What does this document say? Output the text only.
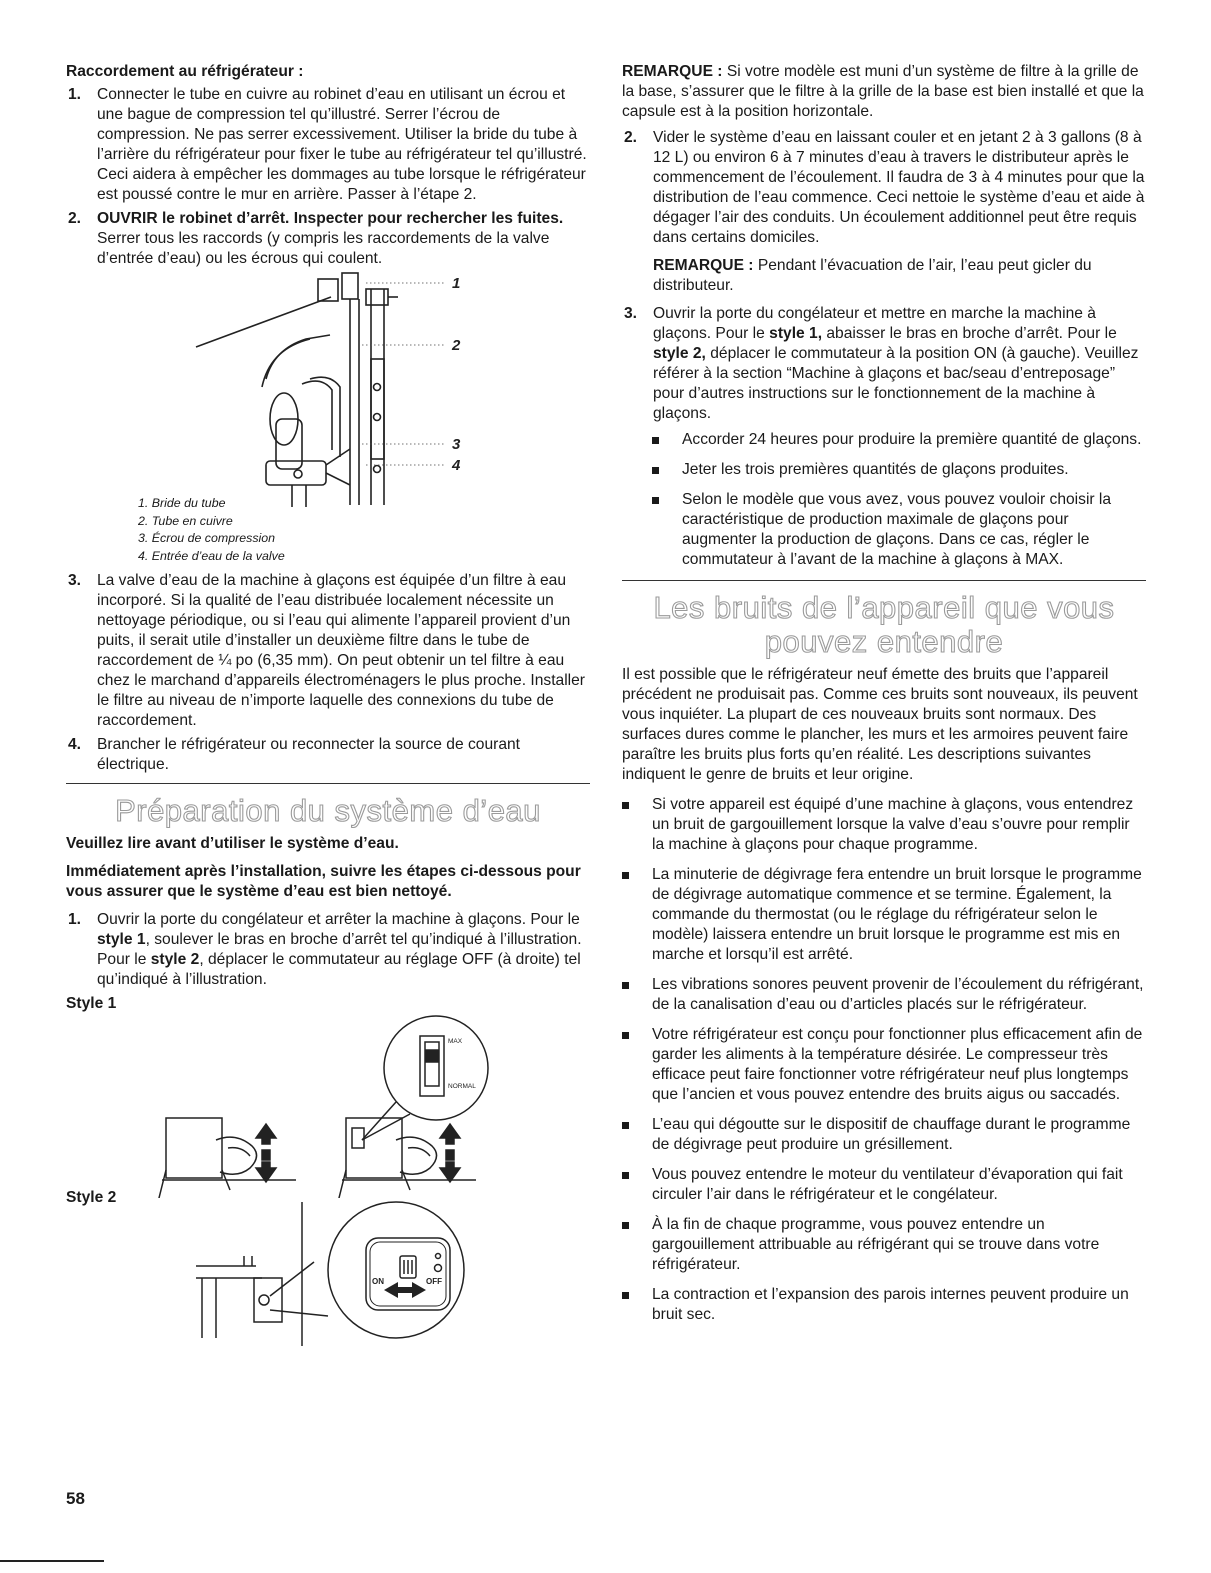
Raccordement au réfrigérateur :

1. Connecter le tube en cuivre au robinet d’eau en utilisant un écrou et une bague de compression tel qu’illustré. Serrer l’écrou de compression. Ne pas serrer excessivement. Utiliser la bride du tube à l’arrière du réfrigérateur pour fixer le tube au réfrigérateur tel qu’illustré. Ceci aidera à empêcher les dommages au tube lorsque le réfrigérateur est poussé contre le mur en arrière. Passer à l’étape 2.
2. OUVRIR le robinet d’arrêt. Inspecter pour rechercher les fuites. Serrer tous les raccords (y compris les raccordements de la valve d’entrée d’eau) ou les écrous qui coulent.
1
2
3
4
1. Bride du tube
2. Tube en cuivre
3. Écrou de compression
4. Entrée d’eau de la valve
3. La valve d’eau de la machine à glaçons est équipée d’un filtre à eau incorporé. Si la qualité de l’eau distribuée localement nécessite un nettoyage périodique, ou si l’eau qui alimente l’appareil provient d’un puits, il serait utile d’installer un deuxième filtre dans le tube de raccordement de ¼ po (6,35 mm). On peut obtenir un tel filtre à eau chez le marchand d’appareils électroménagers le plus proche. Installer le filtre au niveau de n’importe laquelle des connexions du tube de raccordement.
4. Brancher le réfrigérateur ou reconnecter la source de courant électrique.
Préparation du système d’eau

Veuillez lire avant d’utiliser le système d’eau.

Immédiatement après l’installation, suivre les étapes ci-dessous pour vous assurer que le système d’eau est bien nettoyé.

1. Ouvrir la porte du congélateur et arrêter la machine à glaçons. Pour le style 1, soulever le bras en broche d’arrêt tel qu’indiqué à l’illustration. Pour le style 2, déplacer le commutateur au réglage OFF (à droite) tel qu’indiqué à l’illustration.
Style 1
MAX
NORMAL
Style 2
ON	OFF

REMARQUE : Si votre modèle est muni d’un système de filtre à la grille de la base, s’assurer que le filtre à la grille de la base est bien installé et que la capsule est à la position horizontale.

2. Vider le système d’eau en laissant couler et en jetant 2 à 3 gallons (8 à 12 L) ou environ 6 à 7 minutes d’eau à travers le distributeur après le commencement de l’écoulement. Il faudra de 3 à 4 minutes pour que la distribution de l’eau commence. Ceci nettoie le système d’eau et aide à dégager l’air des conduits. Un écoulement additionnel peut être requis dans certains domiciles.

REMARQUE : Pendant l’évacuation de l’air, l’eau peut gicler du distributeur.

3. Ouvrir la porte du congélateur et mettre en marche la machine à glaçons. Pour le style 1, abaisser le bras en broche d’arrêt. Pour le style 2, déplacer le commutateur à la position ON (à gauche). Veuillez référer à la section “Machine à glaçons et bac/seau d’entreposage” pour d’autres instructions sur le fonctionnement de la machine à glaçons.
Accorder 24 heures pour produire la première quantité de glaçons.
Jeter les trois premières quantités de glaçons produites.
Selon le modèle que vous avez, vous pouvez vouloir choisir la caractéristique de production maximale de glaçons pour augmenter la production de glaçons. Dans ce cas, régler le commutateur à l’avant de la machine à glaçons à MAX.
Les bruits de l’appareil que vous
pouvez entendre

Il est possible que le réfrigérateur neuf émette des bruits que l’appareil précédent ne produisait pas. Comme ces bruits sont nouveaux, ils peuvent vous inquiéter. La plupart de ces nouveaux bruits sont normaux. Des surfaces dures comme le plancher, les murs et les armoires peuvent faire paraître les bruits plus forts qu’en réalité. Les descriptions suivantes indiquent le genre de bruits et leur origine.

Si votre appareil est équipé d’une machine à glaçons, vous entendrez un bruit de gargouillement lorsque la valve d’eau s’ouvre pour remplir la machine à glaçons pour chaque programme.
La minuterie de dégivrage fera entendre un bruit lorsque le programme de dégivrage automatique commence et se termine. Également, la commande du thermostat (ou le réglage du réfrigérateur selon le modèle) laissera entendre un bruit lorsque le programme est mis en marche et lorsqu’il est arrêté.
Les vibrations sonores peuvent provenir de l’écoulement du réfrigérant, de la canalisation d’eau ou d’articles placés sur le réfrigérateur.
Votre réfrigérateur est conçu pour fonctionner plus efficacement afin de garder les aliments à la température désirée. Le compresseur très efficace peut faire fonctionner votre réfrigérateur neuf plus longtemps que l’ancien et vous pouvez entendre des bruits aigus ou saccadés.
L’eau qui dégoutte sur le dispositif de chauffage durant le programme de dégivrage peut produire un grésillement.
Vous pouvez entendre le moteur du ventilateur d’évaporation qui fait circuler l’air dans le réfrigérateur et le congélateur.
À la fin de chaque programme, vous pouvez entendre un gargouillement attribuable au réfrigérant qui se trouve dans votre réfrigérateur.
La contraction et l’expansion des parois internes peuvent produire un bruit sec.
58
